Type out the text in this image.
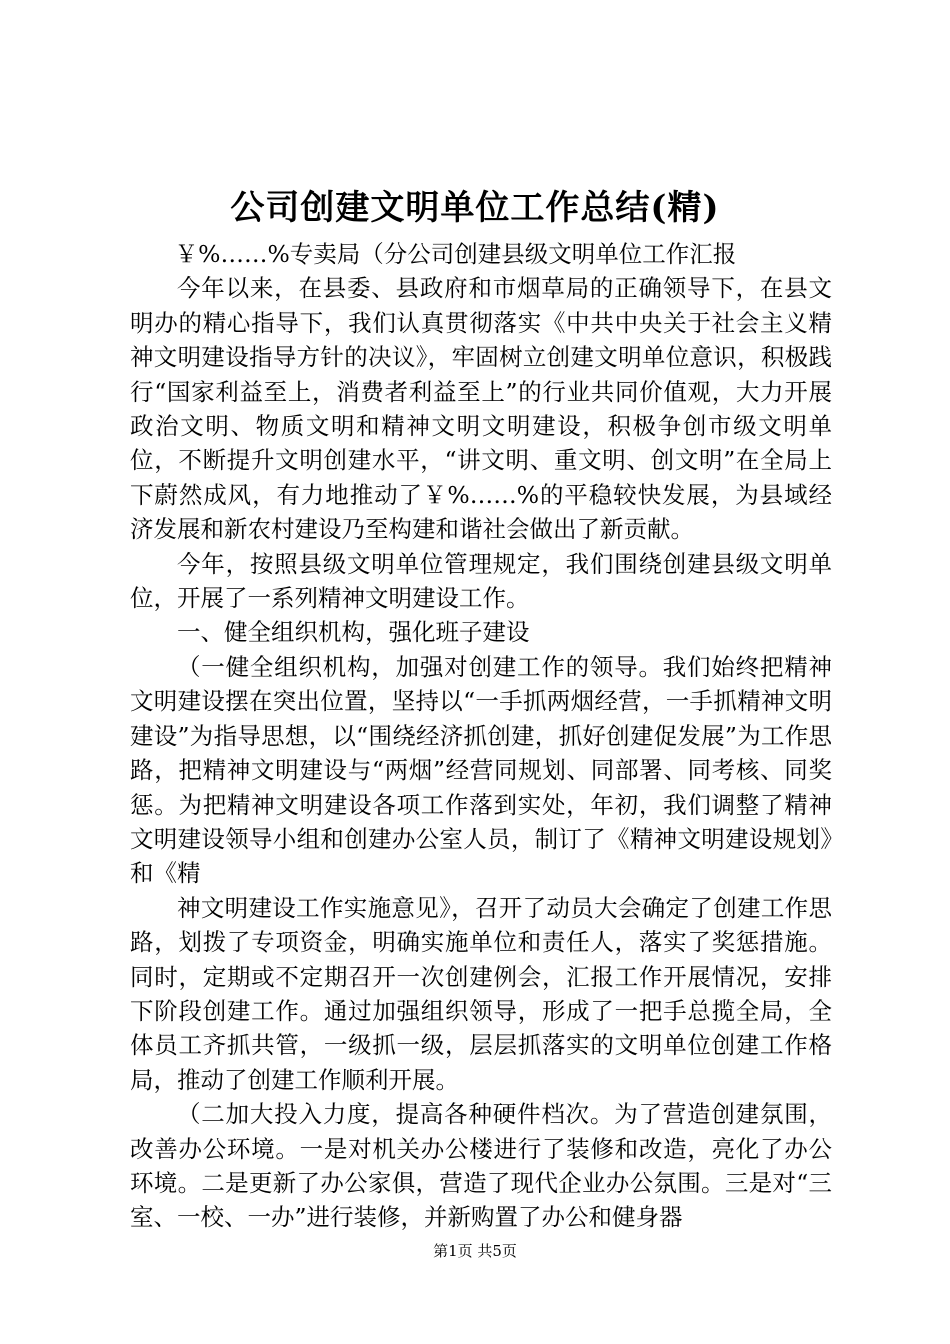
公司创建文明单位工作总结(精)

￥%……%专卖局（分公司创建县级文明单位工作汇报

今年以来，在县委、县政府和市烟草局的正确领导下，在县文明办的精心指导下，我们认真贯彻落实《中共中央关于社会主义精神文明建设指导方针的决议》，牢固树立创建文明单位意识，积极践行“国家利益至上，消费者利益至上”的行业共同价值观，大力开展政治文明、物质文明和精神文明文明建设，积极争创市级文明单位，不断提升文明创建水平，“讲文明、重文明、创文明”在全局上下蔚然成风，有力地推动了￥%……%的平稳较快发展，为县域经济发展和新农村建设乃至构建和谐社会做出了新贡献。

今年，按照县级文明单位管理规定，我们围绕创建县级文明单位，开展了一系列精神文明建设工作。

一、健全组织机构，强化班子建设

（一健全组织机构，加强对创建工作的领导。我们始终把精神文明建设摆在突出位置，坚持以“一手抓两烟经营，一手抓精神文明建设”为指导思想，以“围绕经济抓创建，抓好创建促发展”为工作思路，把精神文明建设与“两烟”经营同规划、同部署、同考核、同奖惩。为把精神文明建设各项工作落到实处，年初，我们调整了精神文明建设领导小组和创建办公室人员，制订了《精神文明建设规划》和《精

神文明建设工作实施意见》，召开了动员大会确定了创建工作思路，划拨了专项资金，明确实施单位和责任人，落实了奖惩措施。同时，定期或不定期召开一次创建例会，汇报工作开展情况，安排下阶段创建工作。通过加强组织领导，形成了一把手总揽全局，全体员工齐抓共管，一级抓一级，层层抓落实的文明单位创建工作格局，推动了创建工作顺利开展。

（二加大投入力度，提高各种硬件档次。为了营造创建氛围，改善办公环境。一是对机关办公楼进行了装修和改造，亮化了办公环境。二是更新了办公家俱，营造了现代企业办公氛围。三是对“三室、一校、一办”进行装修，并新购置了办公和健身器

第1页 共5页
